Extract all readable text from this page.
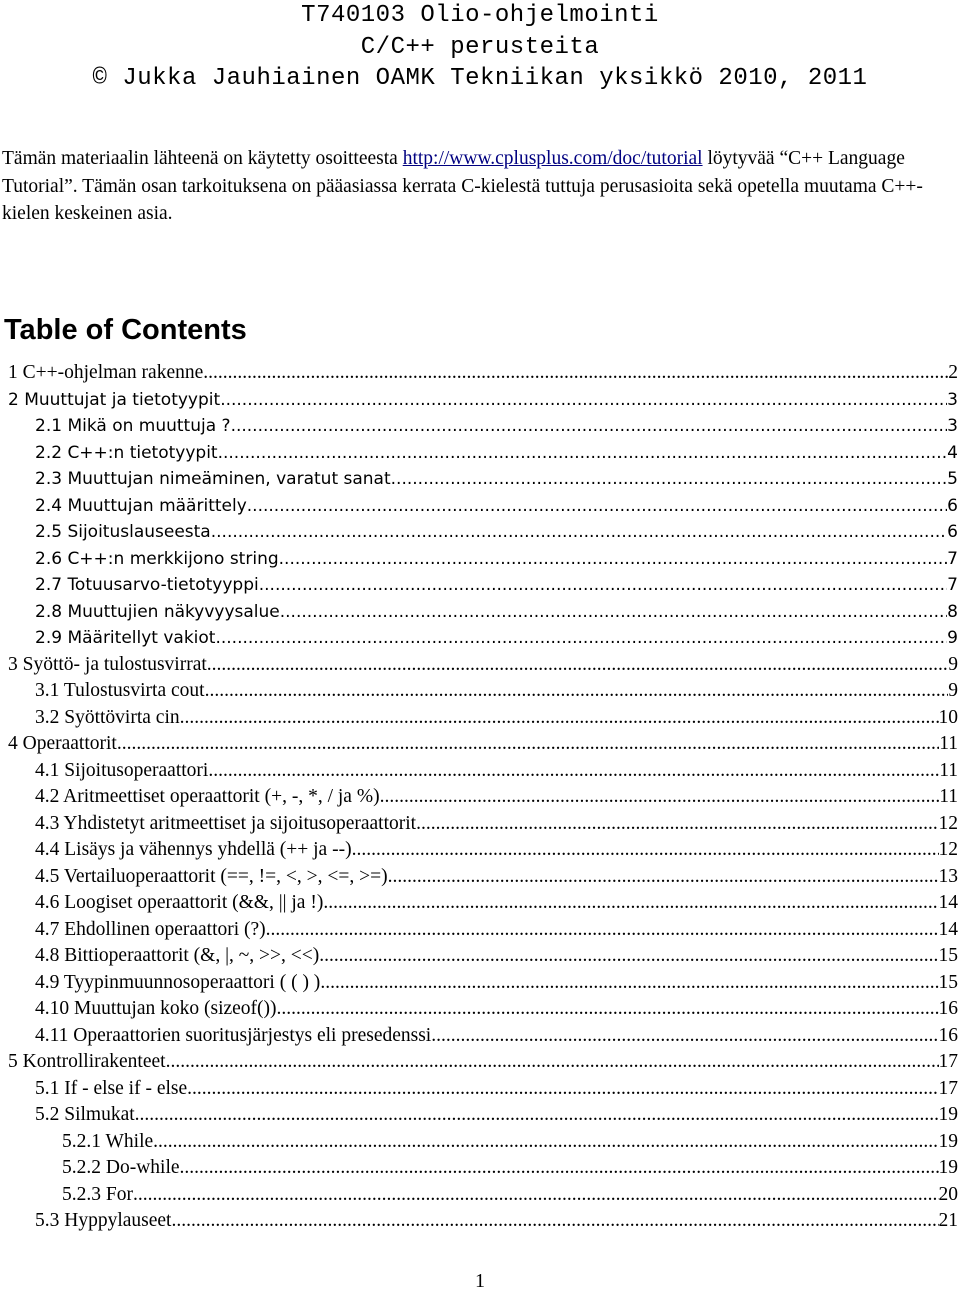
T740103 Olio-ohjelmointi
C/C++ perusteita
© Jukka Jauhiainen OAMK Tekniikan yksikkö 2010, 2011
Tämän materiaalin lähteenä on käytetty osoitteesta http://www.cplusplus.com/doc/tutorial löytyvää “C++ Language Tutorial”. Tämän osan tarkoituksena on pääasiassa kerrata C-kielestä tuttuja perusasioita sekä opetella muutama C++-kielen keskeinen asia.
Table of Contents
1 C++-ohjelman rakenne .....	2
2 Muuttujat ja tietotyypit .....	3
2.1 Mikä on muuttuja ? .....	3
2.2 C++:n tietotyypit .....	4
2.3 Muuttujan nimeäminen, varatut sanat .....	5
2.4 Muuttujan määrittely .....	6
2.5 Sijoituslauseesta .....	6
2.6 C++:n merkkijono string .....	7
2.7 Totuusarvo-tietotyyppi .....	7
2.8 Muuttujien näkyvyysalue .....	8
2.9 Määritellyt vakiot .....	9
3 Syöttö- ja tulostusvirrat .....	9
3.1 Tulostusvirta cout .....	9
3.2 Syöttövirta cin .....	10
4 Operaattorit .....	11
4.1 Sijoitusoperaattori .....	11
4.2 Aritmeettiset operaattorit (+, -, *, / ja %) .....	11
4.3 Yhdistetyt aritmeettiset ja sijoitusoperaattorit .....	12
4.4 Lisäys ja vähennys yhdellä (++ ja --) .....	12
4.5 Vertailuoperaattorit (==, !=, <, >, <=, >=) .....	13
4.6 Loogiset operaattorit (&&, || ja !) .....	14
4.7 Ehdollinen operaattori (?) .....	14
4.8 Bittioperaattorit (&, |, ~, >>, <<) .....	15
4.9 Tyypinmuunnosoperaattori ( ( ) ) .....	15
4.10 Muuttujan koko (sizeof()) .....	16
4.11 Operaattorien suoritusjärjestys eli presedenssi .....	16
5 Kontrollirakenteet .....	17
5.1 If - else if - else .....	17
5.2 Silmukat .....	19
5.2.1 While .....	19
5.2.2 Do-while .....	19
5.2.3 For .....	20
5.3 Hyppylauseet .....	21
1
